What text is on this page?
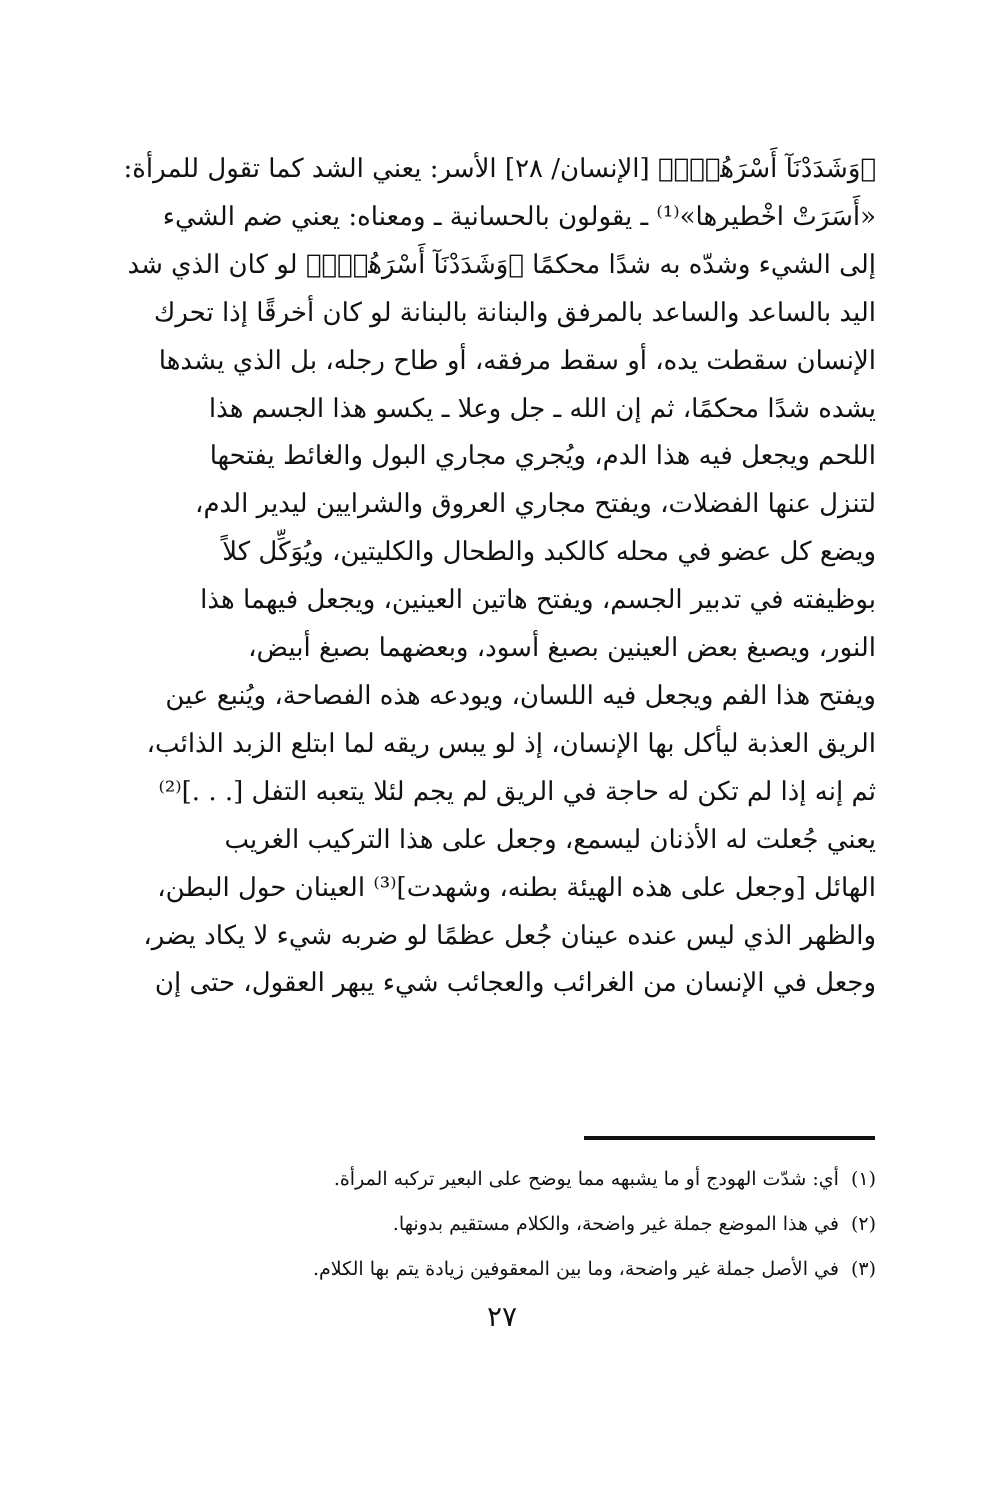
﴿وَشَدَدْنَآ أَسْرَهُمْۖ﴾ [الإنسان/ ٢٨] الأسر: يعني الشد كما تقول للمرأة:
«أَسَرَتْ اخْطيرها»⁽¹⁾ ـ يقولون بالحسانية ـ ومعناه: يعني ضم الشيء
إلى الشيء وشدّه به شدًا محكمًا ﴿وَشَدَدْنَآ أَسْرَهُمْۖ﴾ لو كان الذي شد
اليد بالساعد والساعد بالمرفق والبنانة بالبنانة لو كان أخرقًا إذا تحرك
الإنسان سقطت يده، أو سقط مرفقه، أو طاح رجله، بل الذي يشدها
يشده شدًا محكمًا، ثم إن الله ـ جل وعلا ـ يكسو هذا الجسم هذا
اللحم ويجعل فيه هذا الدم، ويُجري مجاري البول والغائط يفتحها
لتنزل عنها الفضلات، ويفتح مجاري العروق والشرايين ليدير الدم،
ويضع كل عضو في محله كالكبد والطحال والكليتين، ويُوَكِّل كلاً
بوظيفته في تدبير الجسم، ويفتح هاتين العينين، ويجعل فيهما هذا
النور، ويصبغ بعض العينين بصبغ أسود، وبعضهما بصبغ أبيض،
ويفتح هذا الفم ويجعل فيه اللسان، ويودعه هذه الفصاحة، ويُنبع عين
الريق العذبة ليأكل بها الإنسان، إذ لو يبس ريقه لما ابتلع الزبد الذائب،
ثم إنه إذا لم تكن له حاجة في الريق لم يجم لئلا يتعبه التفل [. . .]⁽²⁾
يعني جُعلت له الأذنان ليسمع، وجعل على هذا التركيب الغريب
الهائل [وجعل على هذه الهيئة بطنه، وشهدت]⁽³⁾ العينان حول البطن،
والظهر الذي ليس عنده عينان جُعل عظمًا لو ضربه شيء لا يكاد يضر،
وجعل في الإنسان من الغرائب والعجائب شيء يبهر العقول، حتى إن
(١)أي: شدّت الهودج أو ما يشبهه مما يوضح على البعير تركبه المرأة.
(٢)في هذا الموضع جملة غير واضحة، والكلام مستقيم بدونها.
(٣)في الأصل جملة غير واضحة، وما بين المعقوفين زيادة يتم بها الكلام.
٢٧
